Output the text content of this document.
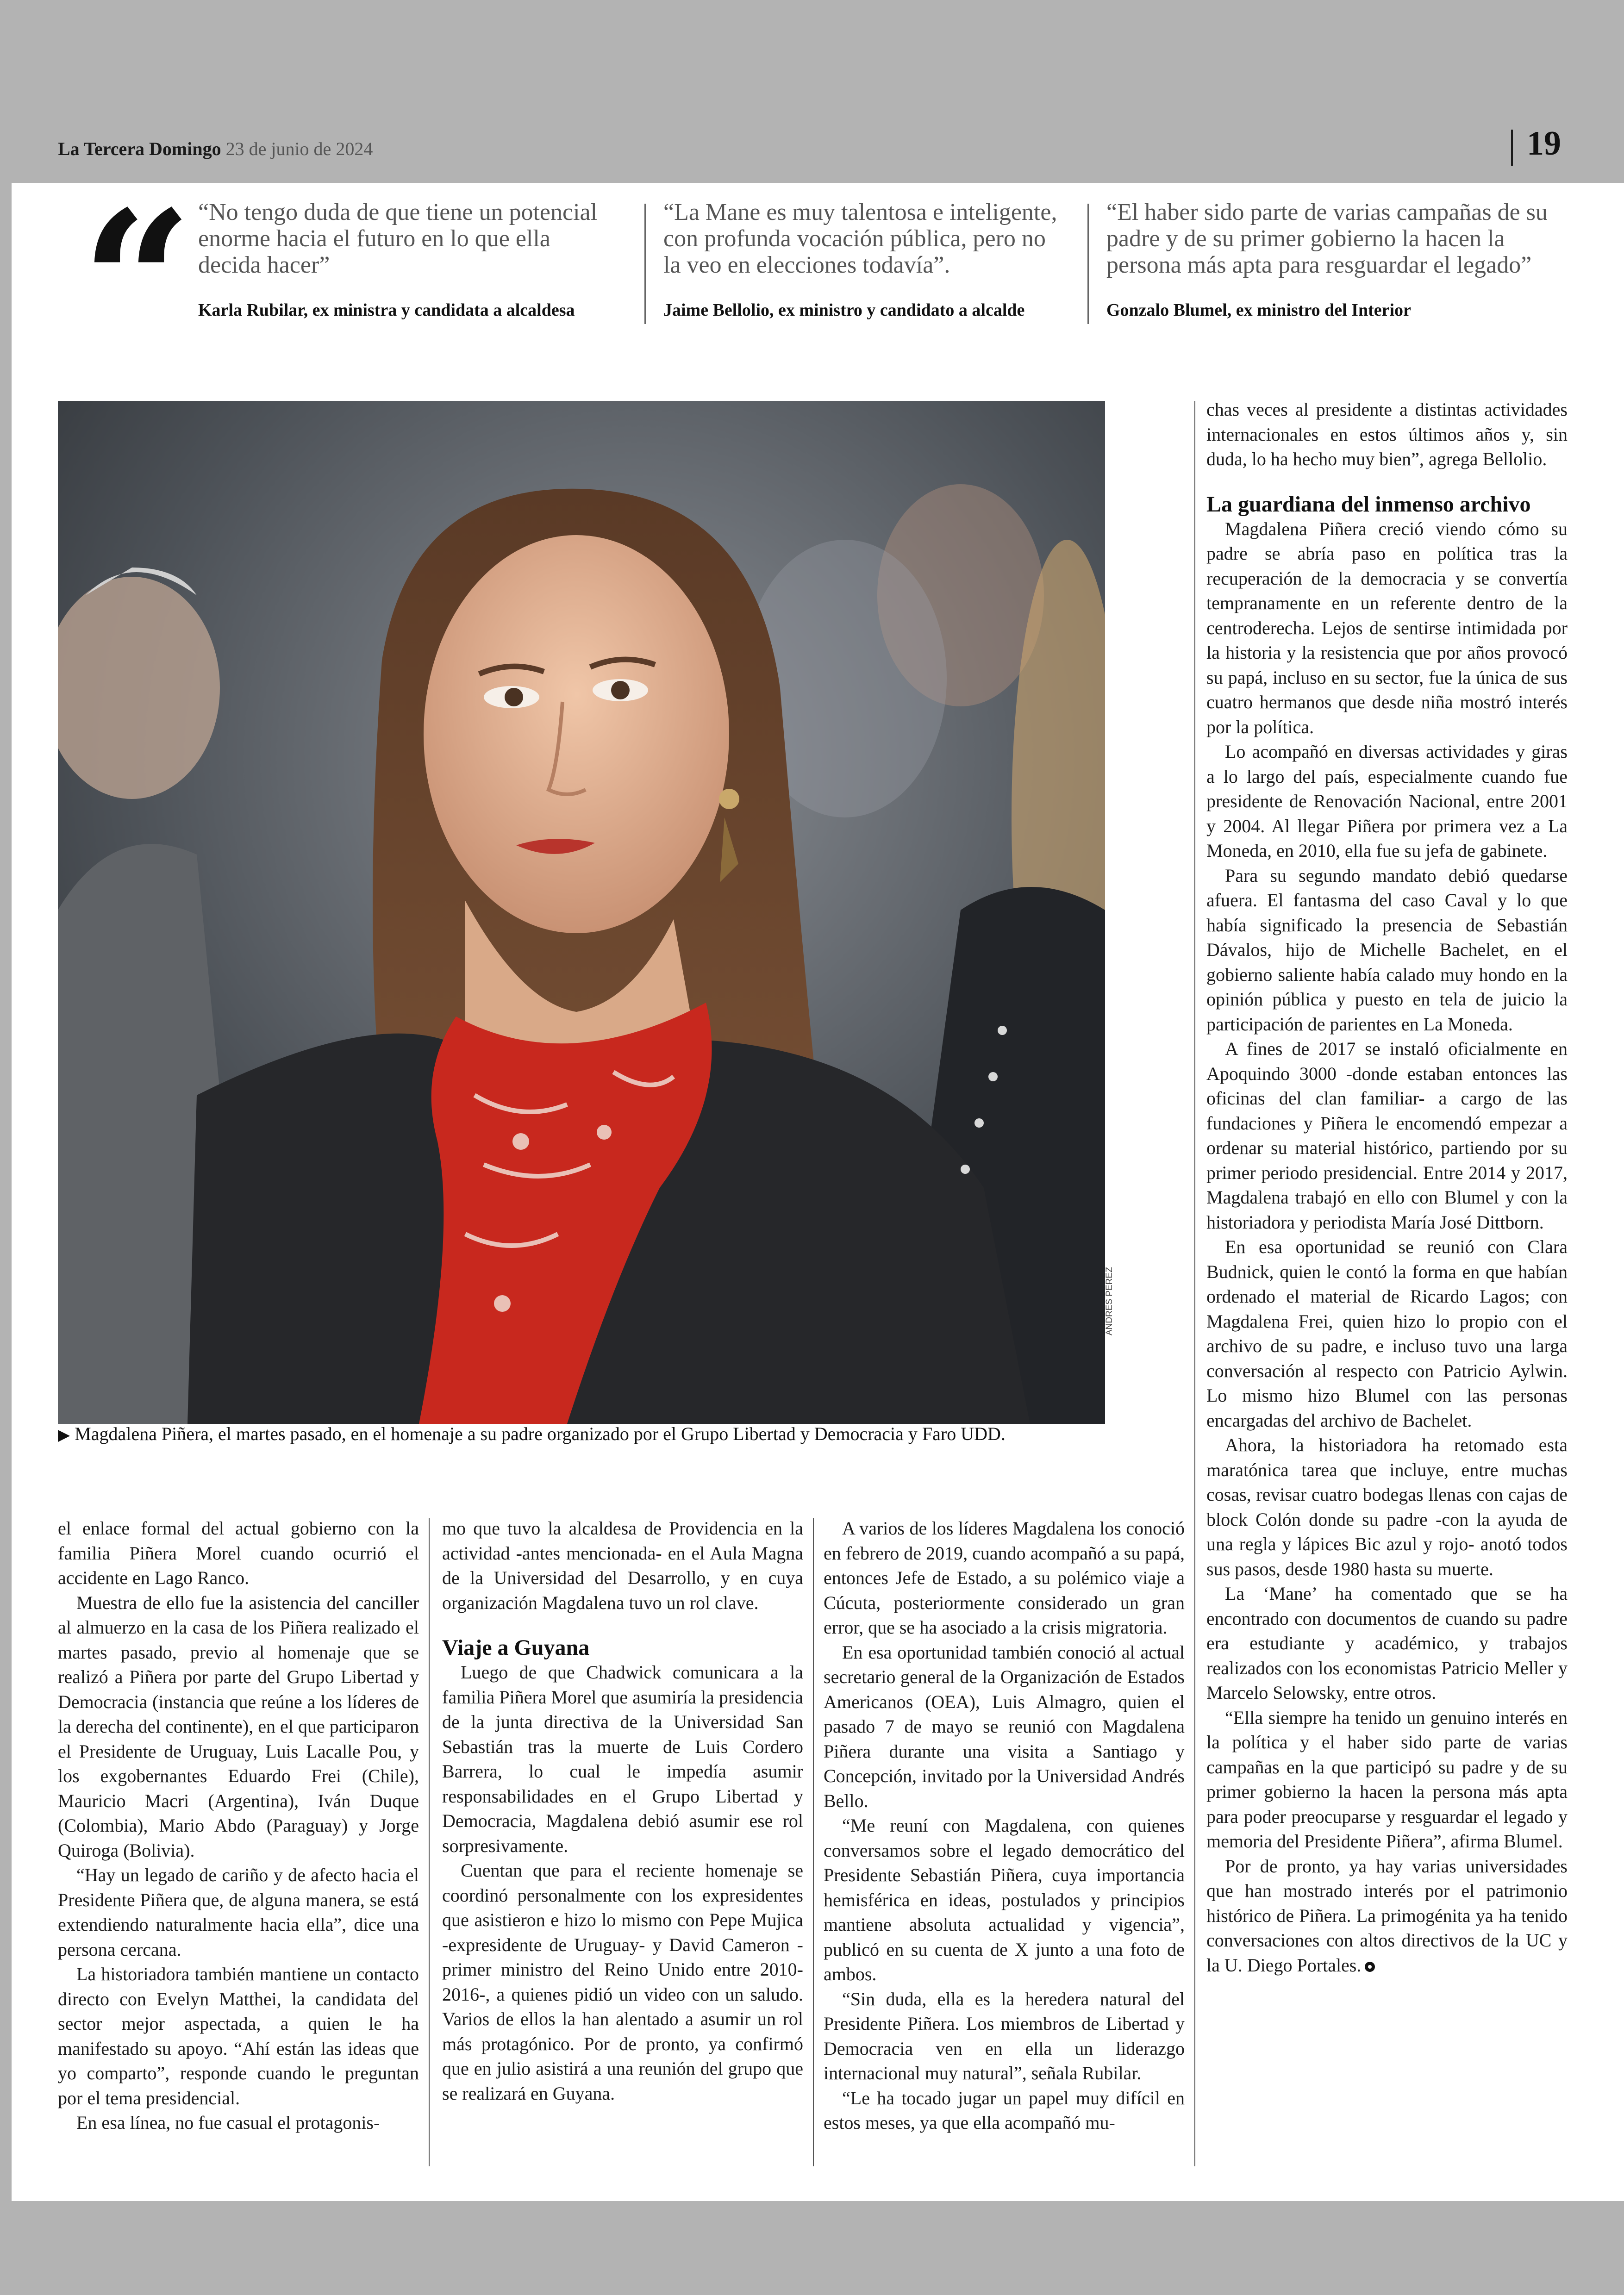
La Tercera Domingo 23 de junio de 2024	19
“ “No tengo duda de que tiene un potencial enorme hacia el futuro en lo que ella decida hacer”
Karla Rubilar, ex ministra y candidata a alcaldesa
“La Mane es muy talentosa e inteligente, con profunda vocación pública, pero no la veo en elecciones todavía”.
Jaime Bellolio, ex ministro y candidato a alcalde
“El haber sido parte de varias campañas de su padre y de su primer gobierno la hacen la persona más apta para resguardar el legado”
Gonzalo Blumel, ex ministro del Interior
ANDRES PEREZ
▶ Magdalena Piñera, el martes pasado, en el homenaje a su padre organizado por el Grupo Libertad y Democracia y Faro UDD.

el enlace formal del actual gobierno con la familia Piñera Morel cuando ocurrió el accidente en Lago Ranco.

Muestra de ello fue la asistencia del canciller al almuerzo en la casa de los Piñera realizado el martes pasado, previo al homenaje que se realizó a Piñera por parte del Grupo Libertad y Democracia (instancia que reúne a los líderes de la derecha del continente), en el que participaron el Presidente de Uruguay, Luis Lacalle Pou, y los exgobernantes Eduardo Frei (Chile), Mauricio Macri (Argentina), Iván Duque (Colombia), Mario Abdo (Paraguay) y Jorge Quiroga (Bolivia).

“Hay un legado de cariño y de afecto hacia el Presidente Piñera que, de alguna manera, se está extendiendo naturalmente hacia ella”, dice una persona cercana.

La historiadora también mantiene un contacto directo con Evelyn Matthei, la candidata del sector mejor aspectada, a quien le ha manifestado su apoyo. “Ahí están las ideas que yo comparto”, responde cuando le preguntan por el tema presidencial.

En esa línea, no fue casual el protagonis-

mo que tuvo la alcaldesa de Providencia en la actividad -antes mencionada- en el Aula Magna de la Universidad del Desarrollo, y en cuya organización Magdalena tuvo un rol clave.

Viaje a Guyana

Luego de que Chadwick comunicara a la familia Piñera Morel que asumiría la presidencia de la junta directiva de la Universidad San Sebastián tras la muerte de Luis Cordero Barrera, lo cual le impedía asumir responsabilidades en el Grupo Libertad y Democracia, Magdalena debió asumir ese rol sorpresivamente.

Cuentan que para el reciente homenaje se coordinó personalmente con los expresidentes que asistieron e hizo lo mismo con Pepe Mujica -expresidente de Uruguay- y David Cameron -primer ministro del Reino Unido entre 2010-2016-, a quienes pidió un video con un saludo. Varios de ellos la han alentado a asumir un rol más protagónico. Por de pronto, ya confirmó que en julio asistirá a una reunión del grupo que se realizará en Guyana.

A varios de los líderes Magdalena los conoció en febrero de 2019, cuando acompañó a su papá, entonces Jefe de Estado, a su polémico viaje a Cúcuta, posteriormente considerado un gran error, que se ha asociado a la crisis migratoria.

En esa oportunidad también conoció al actual secretario general de la Organización de Estados Americanos (OEA), Luis Almagro, quien el pasado 7 de mayo se reunió con Magdalena Piñera durante una visita a Santiago y Concepción, invitado por la Universidad Andrés Bello.

“Me reuní con Magdalena, con quienes conversamos sobre el legado democrático del Presidente Sebastián Piñera, cuya importancia hemisférica en ideas, postulados y principios mantiene absoluta actualidad y vigencia”, publicó en su cuenta de X junto a una foto de ambos.

“Sin duda, ella es la heredera natural del Presidente Piñera. Los miembros de Libertad y Democracia ven en ella un liderazgo internacional muy natural”, señala Rubilar.

“Le ha tocado jugar un papel muy difícil en estos meses, ya que ella acompañó mu-

chas veces al presidente a distintas actividades internacionales en estos últimos años y, sin duda, lo ha hecho muy bien”, agrega Bellolio.

La guardiana del inmenso archivo

Magdalena Piñera creció viendo cómo su padre se abría paso en política tras la recuperación de la democracia y se convertía tempranamente en un referente dentro de la centroderecha. Lejos de sentirse intimidada por la historia y la resistencia que por años provocó su papá, incluso en su sector, fue la única de sus cuatro hermanos que desde niña mostró interés por la política.

Lo acompañó en diversas actividades y giras a lo largo del país, especialmente cuando fue presidente de Renovación Nacional, entre 2001 y 2004. Al llegar Piñera por primera vez a La Moneda, en 2010, ella fue su jefa de gabinete.

Para su segundo mandato debió quedarse afuera. El fantasma del caso Caval y lo que había significado la presencia de Sebastián Dávalos, hijo de Michelle Bachelet, en el gobierno saliente había calado muy hondo en la opinión pública y puesto en tela de juicio la participación de parientes en La Moneda.

A fines de 2017 se instaló oficialmente en Apoquindo 3000 -donde estaban entonces las oficinas del clan familiar- a cargo de las fundaciones y Piñera le encomendó empezar a ordenar su material histórico, partiendo por su primer periodo presidencial. Entre 2014 y 2017, Magdalena trabajó en ello con Blumel y con la historiadora y periodista María José Dittborn.

En esa oportunidad se reunió con Clara Budnick, quien le contó la forma en que habían ordenado el material de Ricardo Lagos; con Magdalena Frei, quien hizo lo propio con el archivo de su padre, e incluso tuvo una larga conversación al respecto con Patricio Aylwin. Lo mismo hizo Blumel con las personas encargadas del archivo de Bachelet.

Ahora, la historiadora ha retomado esta maratónica tarea que incluye, entre muchas cosas, revisar cuatro bodegas llenas con cajas de block Colón donde su padre -con la ayuda de una regla y lápices Bic azul y rojo- anotó todos sus pasos, desde 1980 hasta su muerte.

La ‘Mane’ ha comentado que se ha encontrado con documentos de cuando su padre era estudiante y académico, y trabajos realizados con los economistas Patricio Meller y Marcelo Selowsky, entre otros.

“Ella siempre ha tenido un genuino interés en la política y el haber sido parte de varias campañas en la que participó su padre y de su primer gobierno la hacen la persona más apta para poder preocuparse y resguardar el legado y memoria del Presidente Piñera”, afirma Blumel.

Por de pronto, ya hay varias universidades que han mostrado interés por el patrimonio histórico de Piñera. La primogénita ya ha tenido conversaciones con altos directivos de la UC y la U. Diego Portales.
